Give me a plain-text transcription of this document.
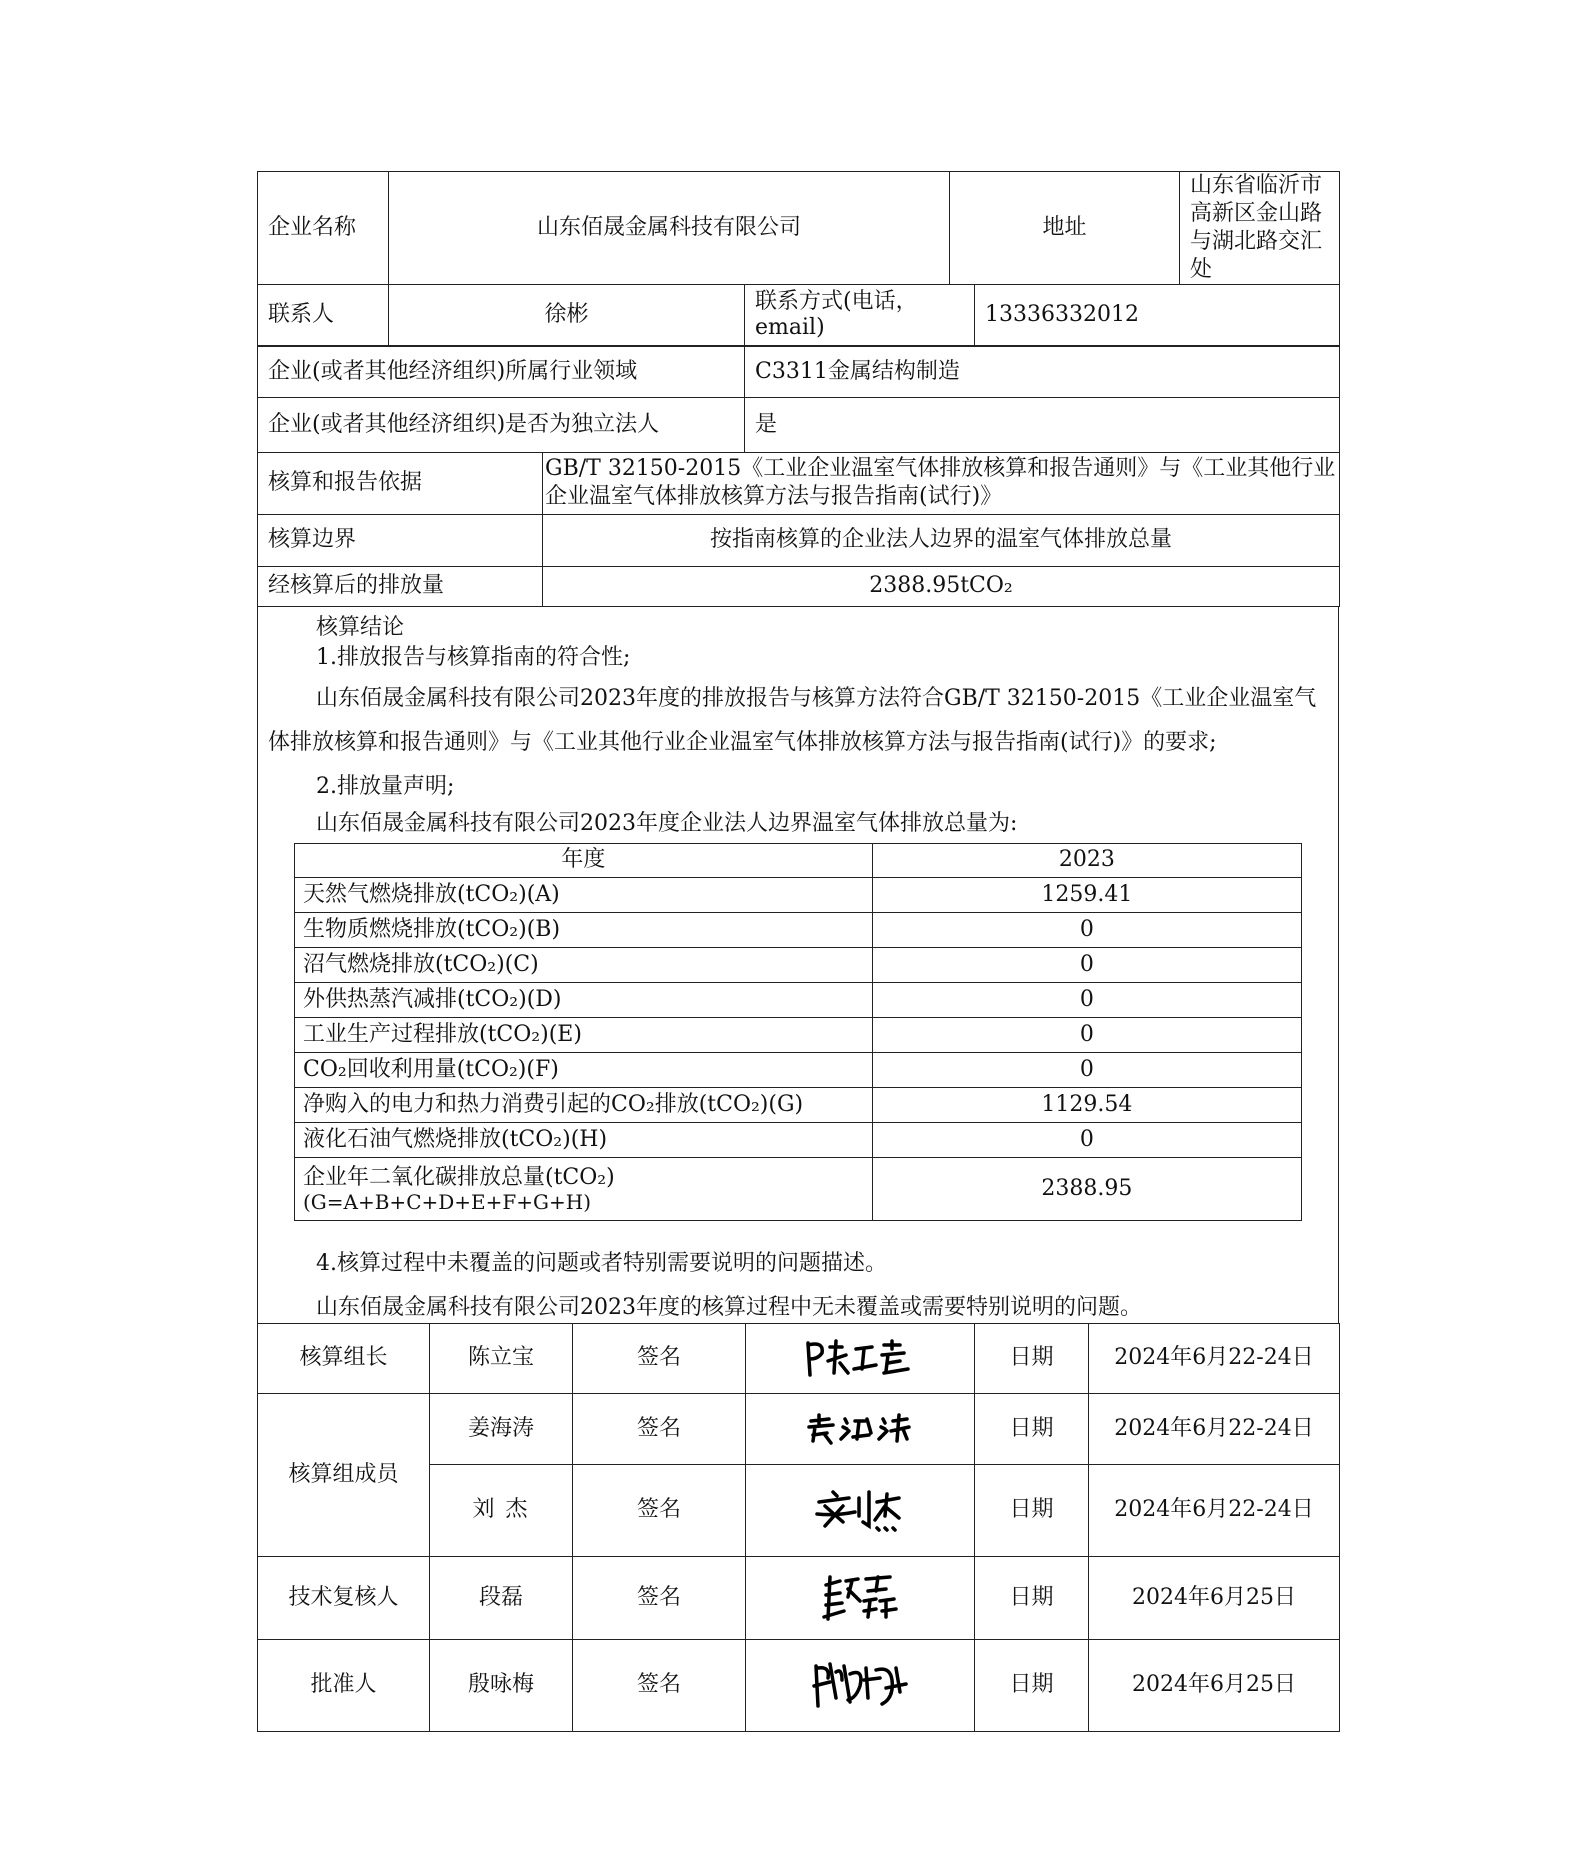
企业名称	山东佰晟金属科技有限公司	地址	山东省临沂市高新区金山路与湖北路交汇处
联系人	徐彬	联系方式(电话，email)	13336332012
企业(或者其他经济组织)所属行业领域	C3311金属结构制造
企业(或者其他经济组织)是否为独立法人	是
核算和报告依据	GB/T 32150-2015《工业企业温室气体排放核算和报告通则》与《工业其他行业企业温室气体排放核算方法与报告指南(试行)》
核算边界	按指南核算的企业法人边界的温室气体排放总量
经核算后的排放量	2388.95tCO₂

核算结论

1.排放报告与核算指南的符合性;

山东佰晟金属科技有限公司2023年度的排放报告与核算方法符合GB/T 32150-2015《工业企业温室气体排放核算和报告通则》与《工业其他行业企业温室气体排放核算方法与报告指南(试行)》的要求;

2.排放量声明;

山东佰晟金属科技有限公司2023年度企业法人边界温室气体排放总量为:

年度	2023
天然气燃烧排放(tCO₂)(A)	1259.41
生物质燃烧排放(tCO₂)(B)	0
沼气燃烧排放(tCO₂)(C)	0
外供热蒸汽减排(tCO₂)(D)	0
工业生产过程排放(tCO₂)(E)	0
CO₂回收利用量(tCO₂)(F)	0
净购入的电力和热力消费引起的CO₂排放(tCO₂)(G)	1129.54
液化石油气燃烧排放(tCO₂)(H)	0

企业年二氧化碳排放总量(tCO₂)
(G=A+B+C+D+E+F+G+H)	2388.95

4.核算过程中未覆盖的问题或者特别需要说明的问题描述。

山东佰晟金属科技有限公司2023年度的核算过程中无未覆盖或需要特别说明的问题。

核算组长	陈立宝	签名		日期	2024年6月22-24日
核算组成员	姜海涛	签名		日期	2024年6月22-24日
	刘 杰	签名		日期	2024年6月22-24日
技术复核人	段磊	签名		日期	2024年6月25日
批准人	殷咏梅	签名		日期	2024年6月25日
